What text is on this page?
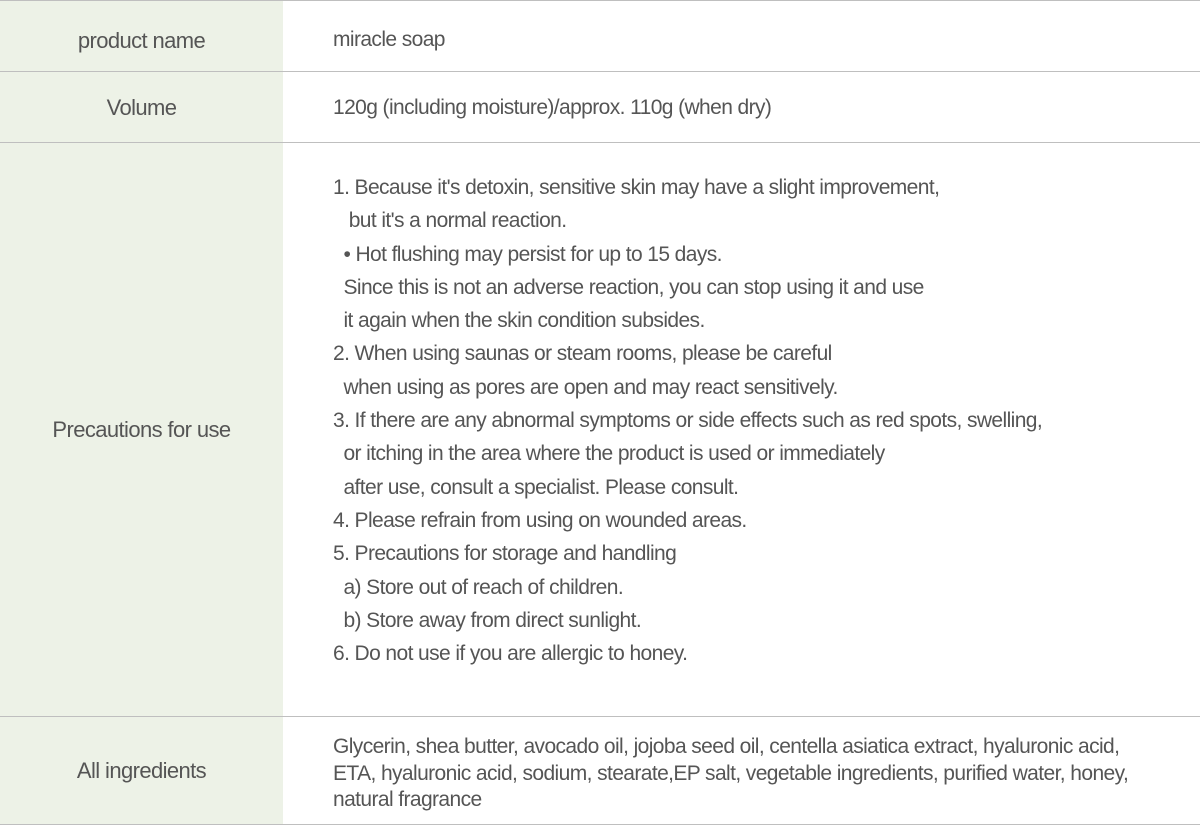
product name	miracle soap
Volume	120g (including moisture)/approx. 110g (when dry)
Precautions for use
1. Because it's detoxin, sensitive skin may have a slight improvement,
but it's a normal reaction.
• Hot flushing may persist for up to 15 days.
Since this is not an adverse reaction, you can stop using it and use
it again when the skin condition subsides.
2. When using saunas or steam rooms, please be careful
when using as pores are open and may react sensitively.
3. If there are any abnormal symptoms or side effects such as red spots, swelling,
or itching in the area where the product is used or immediately
after use, consult a specialist. Please consult.
4. Please refrain from using on wounded areas.
5. Precautions for storage and handling
a) Store out of reach of children.
b) Store away from direct sunlight.
6. Do not use if you are allergic to honey.
All ingredients
Glycerin, shea butter, avocado oil, jojoba seed oil, centella asiatica extract, hyaluronic acid, ETA, hyaluronic acid, sodium, stearate,EP salt, vegetable ingredients, purified water, honey, natural fragrance
